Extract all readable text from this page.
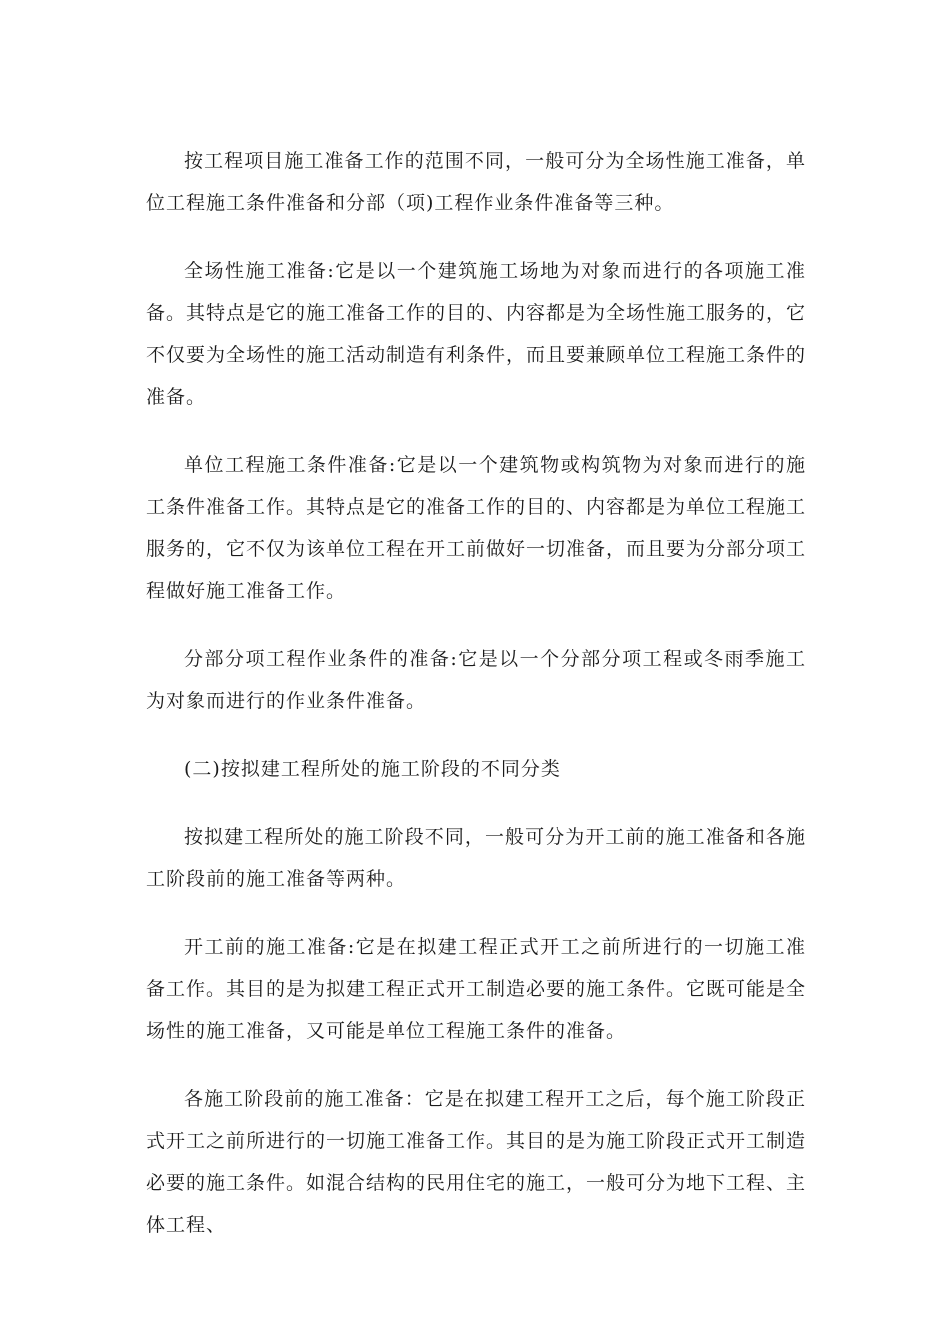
按工程项目施工准备工作的范围不同，一般可分为全场性施工准备，单位工程施工条件准备和分部（项)工程作业条件准备等三种。

全场性施工准备:它是以一个建筑施工场地为对象而进行的各项施工准备。其特点是它的施工准备工作的目的、内容都是为全场性施工服务的，它不仅要为全场性的施工活动制造有利条件，而且要兼顾单位工程施工条件的准备。

单位工程施工条件准备:它是以一个建筑物或构筑物为对象而进行的施工条件准备工作。其特点是它的准备工作的目的、内容都是为单位工程施工服务的，它不仅为该单位工程在开工前做好一切准备，而且要为分部分项工程做好施工准备工作。

分部分项工程作业条件的准备:它是以一个分部分项工程或冬雨季施工为对象而进行的作业条件准备。

(二)按拟建工程所处的施工阶段的不同分类

按拟建工程所处的施工阶段不同，一般可分为开工前的施工准备和各施工阶段前的施工准备等两种。

开工前的施工准备:它是在拟建工程正式开工之前所进行的一切施工准备工作。其目的是为拟建工程正式开工制造必要的施工条件。它既可能是全场性的施工准备，又可能是单位工程施工条件的准备。

各施工阶段前的施工准备：它是在拟建工程开工之后，每个施工阶段正式开工之前所进行的一切施工准备工作。其目的是为施工阶段正式开工制造必要的施工条件。如混合结构的民用住宅的施工，一般可分为地下工程、主体工程、
